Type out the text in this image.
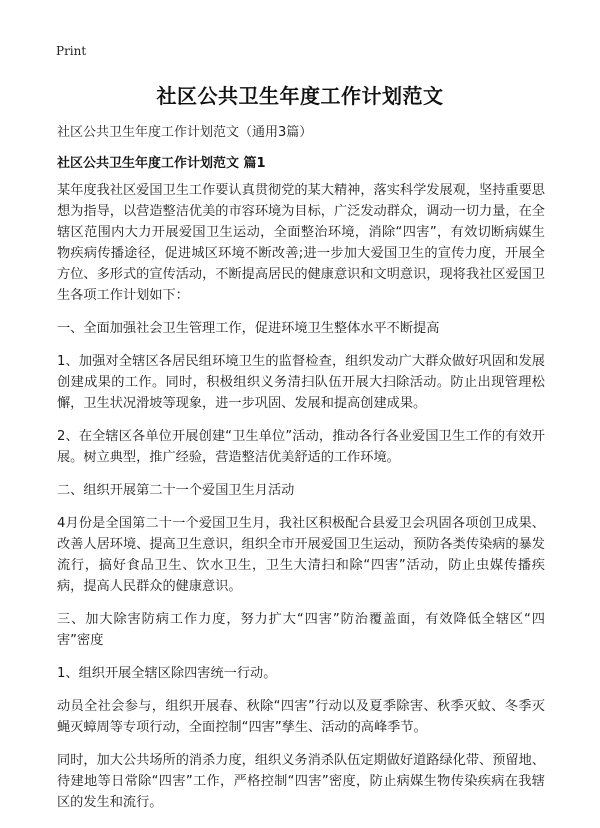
Print
社区公共卫生年度工作计划范文

社区公共卫生年度工作计划范文（通用3篇）

社区公共卫生年度工作计划范文 篇1

某年度我社区爱国卫生工作要认真贯彻党的某大精神，落实科学发展观，坚持重要思想为指导，以营造整洁优美的市容环境为目标，广泛发动群众，调动一切力量，在全辖区范围内大力开展爱国卫生运动，全面整治环境，消除“四害”，有效切断病媒生物疾病传播途径，促进城区环境不断改善;进一步加大爱国卫生的宣传力度，开展全方位、多形式的宣传活动，不断提高居民的健康意识和文明意识，现将我社区爱国卫生各项工作计划如下：

一、全面加强社会卫生管理工作，促进环境卫生整体水平不断提高

1、加强对全辖区各居民组环境卫生的监督检查，组织发动广大群众做好巩固和发展创建成果的工作。同时，积极组织义务清扫队伍开展大扫除活动。防止出现管理松懈，卫生状况滑坡等现象，进一步巩固、发展和提高创建成果。

2、在全辖区各单位开展创建“卫生单位”活动，推动各行各业爱国卫生工作的有效开展。树立典型，推广经验，营造整洁优美舒适的工作环境。

二、组织开展第二十一个爱国卫生月活动

4月份是全国第二十一个爱国卫生月，我社区积极配合县爱卫会巩固各项创卫成果、改善人居环境、提高卫生意识，组织全市开展爱国卫生运动，预防各类传染病的暴发流行，搞好食品卫生、饮水卫生，卫生大清扫和除“四害”活动，防止虫媒传播疾病，提高人民群众的健康意识。

三、加大除害防病工作力度，努力扩大“四害”防治覆盖面，有效降低全辖区“四害”密度

1、组织开展全辖区除四害统一行动。

动员全社会参与，组织开展春、秋除“四害”行动以及夏季除害、秋季灭蚊、冬季灭蝇灭蟑周等专项行动，全面控制“四害”孳生、活动的高峰季节。

同时，加大公共场所的消杀力度，组织义务消杀队伍定期做好道路绿化带、预留地、待建地等日常除“四害”工作，严格控制“四害”密度，防止病媒生物传染疾病在我辖区的发生和流行。
